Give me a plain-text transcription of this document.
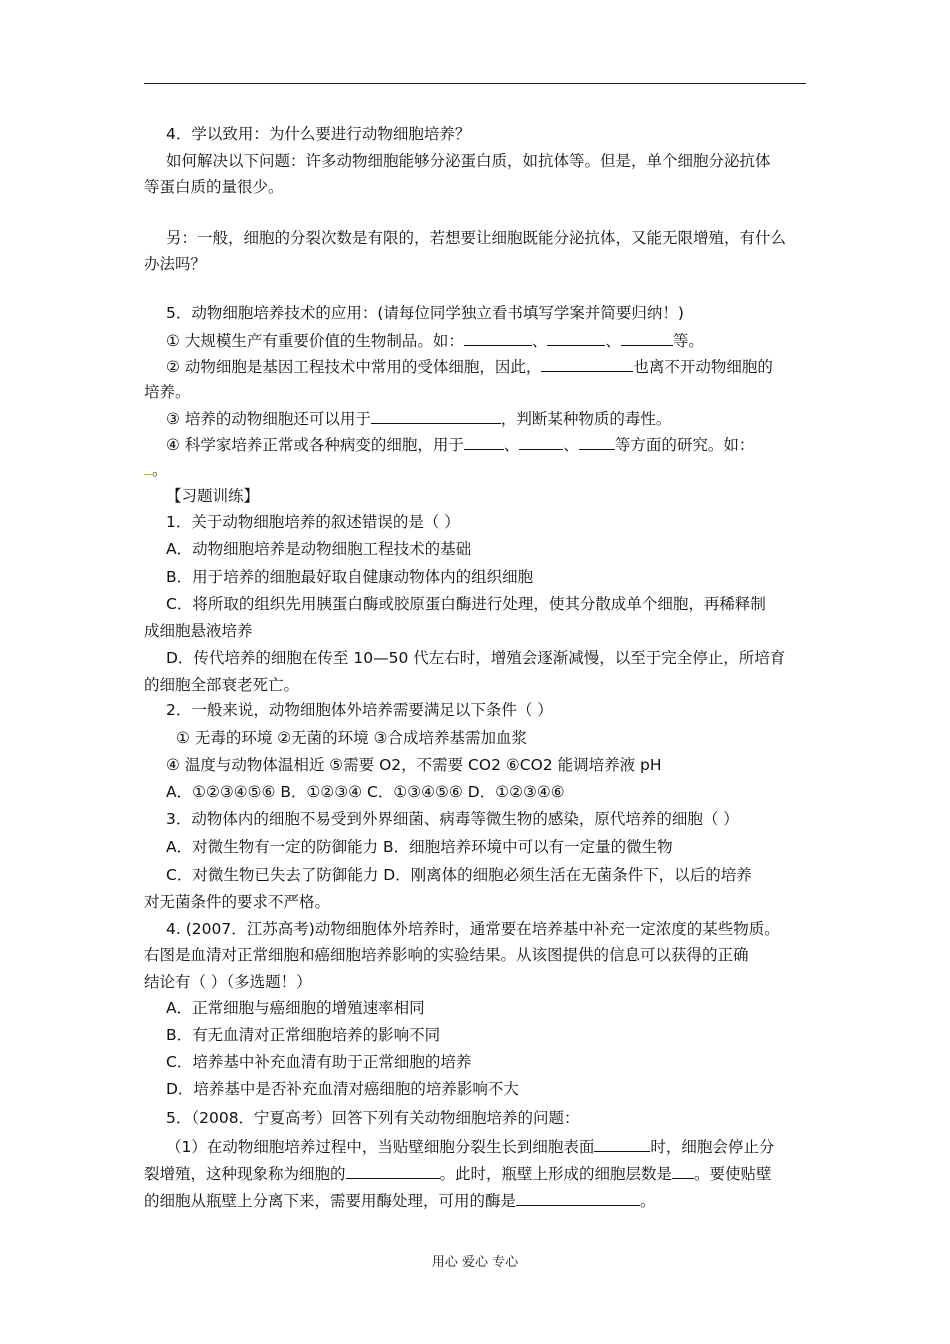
4．学以致用：为什么要进行动物细胞培养？
如何解决以下问题：许多动物细胞能够分泌蛋白质，如抗体等。但是，单个细胞分泌抗体
等蛋白质的量很少。
另：一般，细胞的分裂次数是有限的，若想要让细胞既能分泌抗体，又能无限增殖，有什么
办法吗？
5．动物细胞培养技术的应用：(请每位同学独立看书填写学案并简要归纳！)
① 大规模生产有重要价值的生物制品。如：	、	、	等。
② 动物细胞是基因工程技术中常用的受体细胞，因此，	也离不开动物细胞的
培养。
③ 培养的动物细胞还可以用于	，判断某种物质的毒性。
④ 科学家培养正常或各种病变的细胞，用于	、	、 等方面的研究。如：
。
【习题训练】
1．关于动物细胞培养的叙述错误的是（ ）
A．动物细胞培养是动物细胞工程技术的基础
B．用于培养的细胞最好取自健康动物体内的组织细胞
C．将所取的组织先用胰蛋白酶或胶原蛋白酶进行处理，使其分散成单个细胞，再稀释制
成细胞悬液培养
D．传代培养的细胞在传至 10—50 代左右时，增殖会逐渐减慢，以至于完全停止，所培育
的细胞全部衰老死亡。
2．一般来说，动物细胞体外培养需要满足以下条件（ ）
① 无毒的环境 ②无菌的环境 ③合成培养基需加血浆
④ 温度与动物体温相近 ⑤需要 O2，不需要 CO2 ⑥CO2 能调培养液 pH
A．①②③④⑤⑥ B．①②③④ C．①③④⑤⑥ D．①②③④⑥
3．动物体内的细胞不易受到外界细菌、病毒等微生物的感染，原代培养的细胞（ ）
A．对微生物有一定的防御能力 B．细胞培养环境中可以有一定量的微生物
C．对微生物已失去了防御能力 D．刚离体的细胞必须生活在无菌条件下，以后的培养
对无菌条件的要求不严格。
4. (2007．江苏高考)动物细胞体外培养时，通常要在培养基中补充一定浓度的某些物质。
右图是血清对正常细胞和癌细胞培养影响的实验结果。从该图提供的信息可以获得的正确
结论有（ ）（多选题！）
A．正常细胞与癌细胞的增殖速率相同
B．有无血清对正常细胞培养的影响不同
C．培养基中补充血清有助于正常细胞的培养
D．培养基中是否补充血清对癌细胞的培养影响不大
5．（2008．宁夏高考）回答下列有关动物细胞培养的问题：
（1）在动物细胞培养过程中，当贴壁细胞分裂生长到细胞表面	时，细胞会停止分
裂增殖，这种现象称为细胞的	。此时，瓶壁上形成的细胞层数是 。要使贴壁
的细胞从瓶壁上分离下来，需要用酶处理，可用的酶是	。
用心 爱心 专心
